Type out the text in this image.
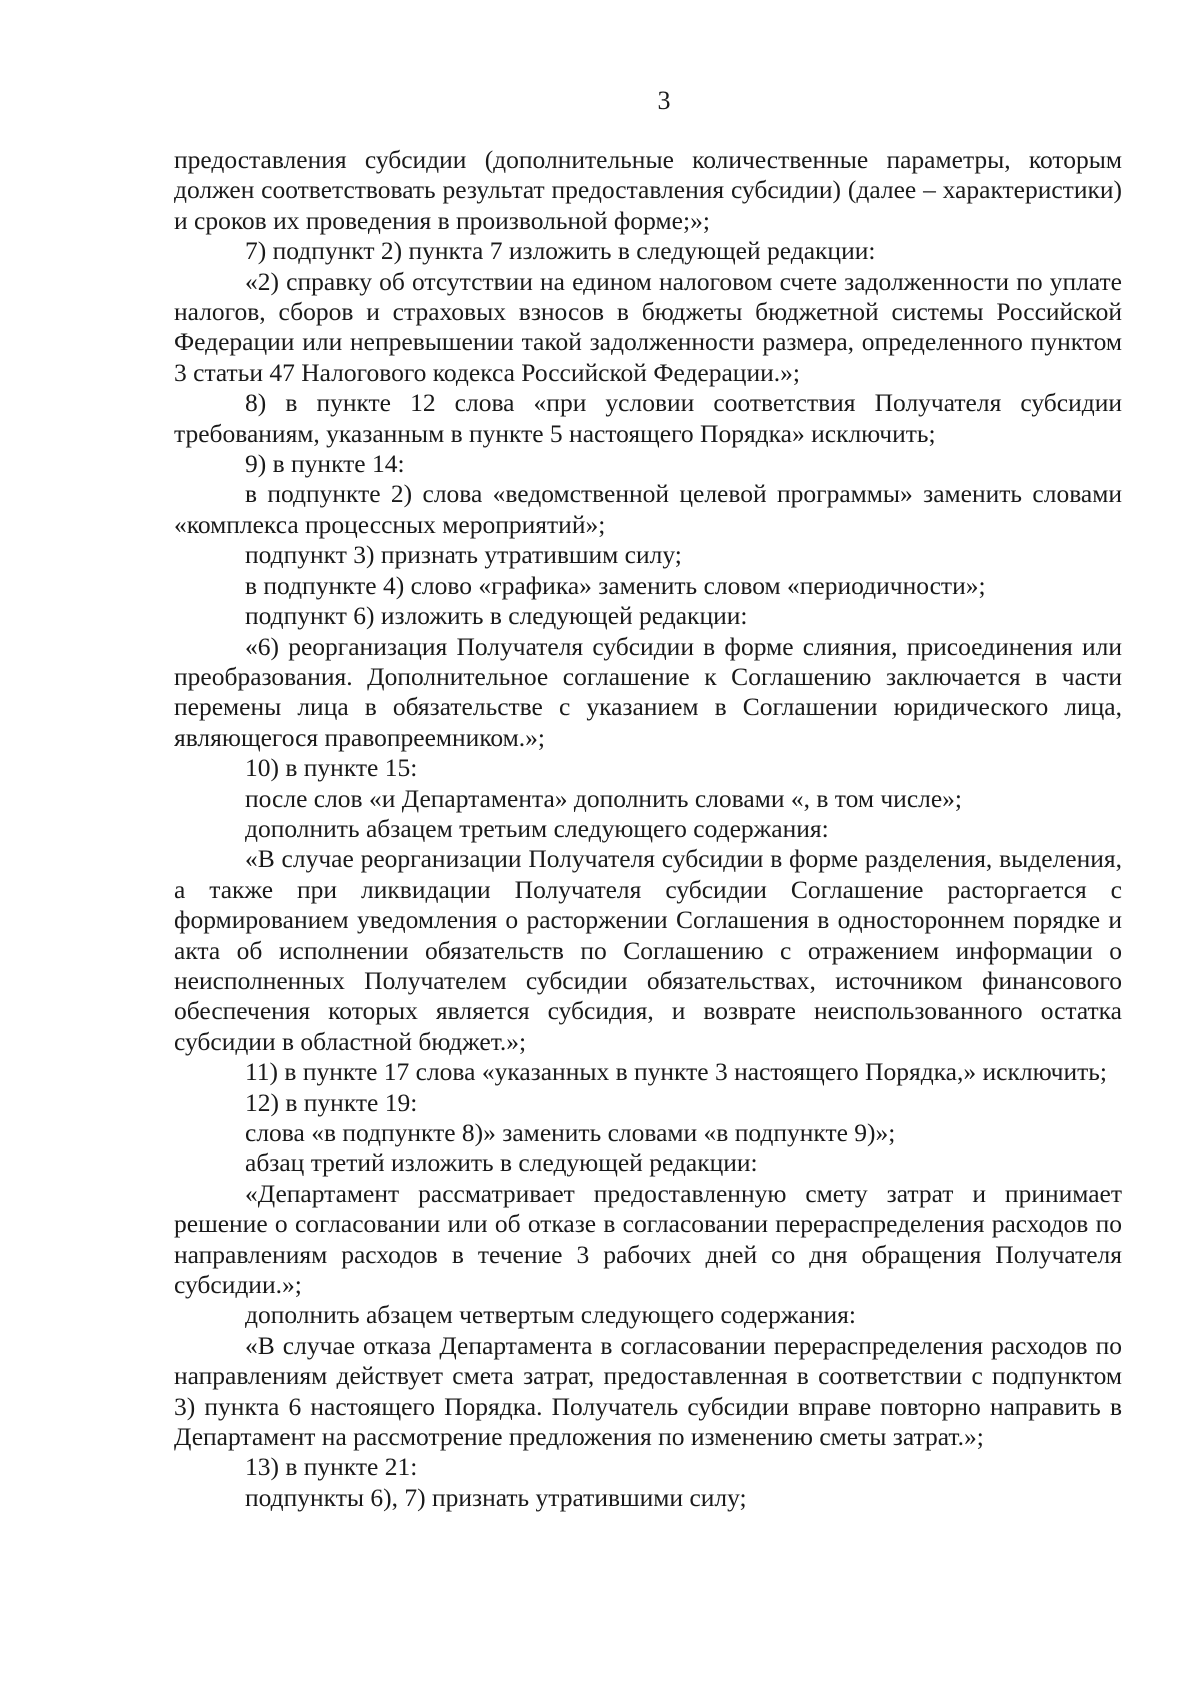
3

предоставления субсидии (дополнительные количественные параметры, которым должен соответствовать результат предоставления субсидии) (далее – характеристики) и сроков их проведения в произвольной форме;»;

7) подпункт 2) пункта 7 изложить в следующей редакции:

«2) справку об отсутствии на едином налоговом счете задолженности по уплате налогов, сборов и страховых взносов в бюджеты бюджетной системы Российской Федерации или непревышении такой задолженности размера, определенного пунктом 3 статьи 47 Налогового кодекса Российской Федерации.»;

8) в пункте 12 слова «при условии соответствия Получателя субсидии требованиям, указанным в пункте 5 настоящего Порядка» исключить;

9) в пункте 14:

в подпункте 2) слова «ведомственной целевой программы» заменить словами «комплекса процессных мероприятий»;

подпункт 3) признать утратившим силу;

в подпункте 4) слово «графика» заменить словом «периодичности»;

подпункт 6) изложить в следующей редакции:

«6) реорганизация Получателя субсидии в форме слияния, присоединения или преобразования. Дополнительное соглашение к Соглашению заключается в части перемены лица в обязательстве с указанием в Соглашении юридического лица, являющегося правопреемником.»;

10) в пункте 15:

после слов «и Департамента» дополнить словами «, в том числе»;

дополнить абзацем третьим следующего содержания:

«В случае реорганизации Получателя субсидии в форме разделения, выделения, а также при ликвидации Получателя субсидии Соглашение расторгается с формированием уведомления о расторжении Соглашения в одностороннем порядке и акта об исполнении обязательств по Соглашению с отражением информации о неисполненных Получателем субсидии обязательствах, источником финансового обеспечения которых является субсидия, и возврате неиспользованного остатка субсидии в областной бюджет.»;

11) в пункте 17 слова «указанных в пункте 3 настоящего Порядка,» исключить;

12) в пункте 19:

слова «в подпункте 8)» заменить словами «в подпункте 9)»;

абзац третий изложить в следующей редакции:

«Департамент рассматривает предоставленную смету затрат и принимает решение о согласовании или об отказе в согласовании перераспределения расходов по направлениям расходов в течение 3 рабочих дней со дня обращения Получателя субсидии.»;

дополнить абзацем четвертым следующего содержания:

«В случае отказа Департамента в согласовании перераспределения расходов по направлениям действует смета затрат, предоставленная в соответствии с подпунктом 3) пункта 6 настоящего Порядка. Получатель субсидии вправе повторно направить в Департамент на рассмотрение предложения по изменению сметы затрат.»;

13) в пункте 21:

подпункты 6), 7) признать утратившими силу;
